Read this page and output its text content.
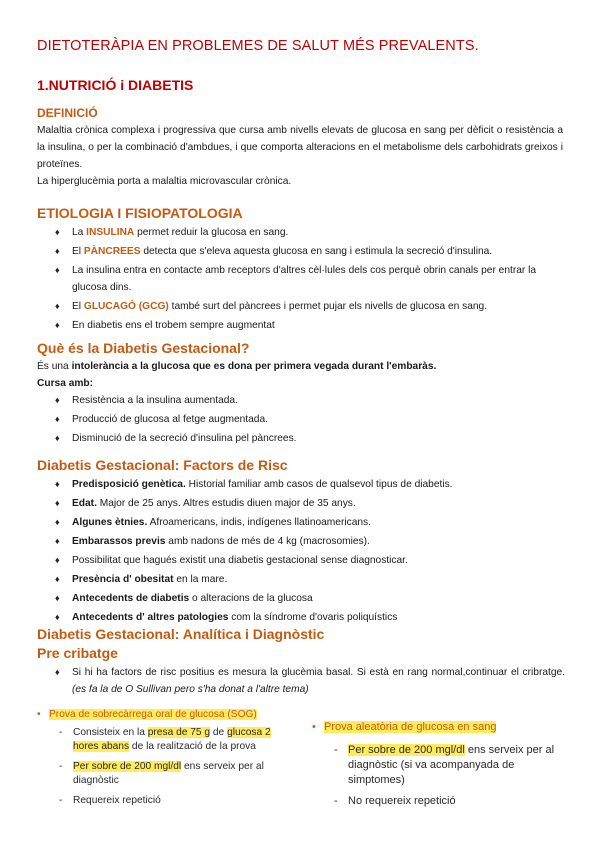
DIETOTERÀPIA EN PROBLEMES DE SALUT MÉS PREVALENTS.
1.NUTRICIÓ i DIABETIS
DEFINICIÓ

Malaltia crònica complexa i progressiva que cursa amb nivells elevats de glucosa en sang per dèficit o resistència a la insulina, o per la combinació d'ambdues, i que comporta alteracions en el metabolisme dels carbohidrats greixos i proteïnes.

La hiperglucèmia porta a malaltia microvascular crònica.

ETIOLOGIA I FISIOPATOLOGIA
♦ La INSULINA permet reduir la glucosa en sang.
♦ El PÀNCREES detecta que s'eleva aquesta glucosa en sang i estimula la secreció d'insulina.
♦ La insulina entra en contacte amb receptors d'altres cèl·lules dels cos perquè obrin canals per entrar la glucosa dins.
♦ El GLUCAGÓ (GCG) també surt del pàncrees i permet pujar els nivells de glucosa en sang.
♦ En diabetis ens el trobem sempre augmentat
Què és la Diabetis Gestacional?

És una intolerància a la glucosa que es dona per primera vegada durant l'embaràs.

Cursa amb:

♦ Resistència a la insulina aumentada.
♦ Producció de glucosa al fetge augmentada.
♦ Disminució de la secreció d'insulina pel pàncrees.
Diabetis Gestacional: Factors de Risc
♦ Predisposició genètica. Historial familiar amb casos de qualsevol tipus de diabetis.
♦ Edat. Major de 25 anys. Altres estudis diuen major de 35 anys.
♦ Algunes ètnies. Afroamericans, indis, indígenes llatinoamericans.
♦ Embarassos previs amb nadons de més de 4 kg (macrosomies).
♦ Possibilitat que hagués existit una diabetis gestacional sense diagnosticar.
♦ Presència d' obesitat en la mare.
♦ Antecedents de diabetis o alteracions de la glucosa
♦ Antecedents d' altres patologies com la síndrome d'ovaris poliquístics
Diabetis Gestacional: Analítica i Diagnòstic
Pre cribatge
♦ Si hi ha factors de risc positius es mesura la glucèmia basal. Si està en rang normal,continuar el cribratge. (es fa la de O Sullivan pero s'ha donat a l'altre tema)
• Prova de sobrecàrrega oral de glucosa (SOG)
- Consisteix en la presa de 75 g de glucosa 2 hores abans de la realització de la prova
- Per sobre de 200 mgl/dl ens serveix per al diagnòstic
- Requereix repetició
• Prova aleatòria de glucosa en sang
- Per sobre de 200 mgl/dl ens serveix per al diagnòstic (si va acompanyada de simptomes)
- No requereix repetició
